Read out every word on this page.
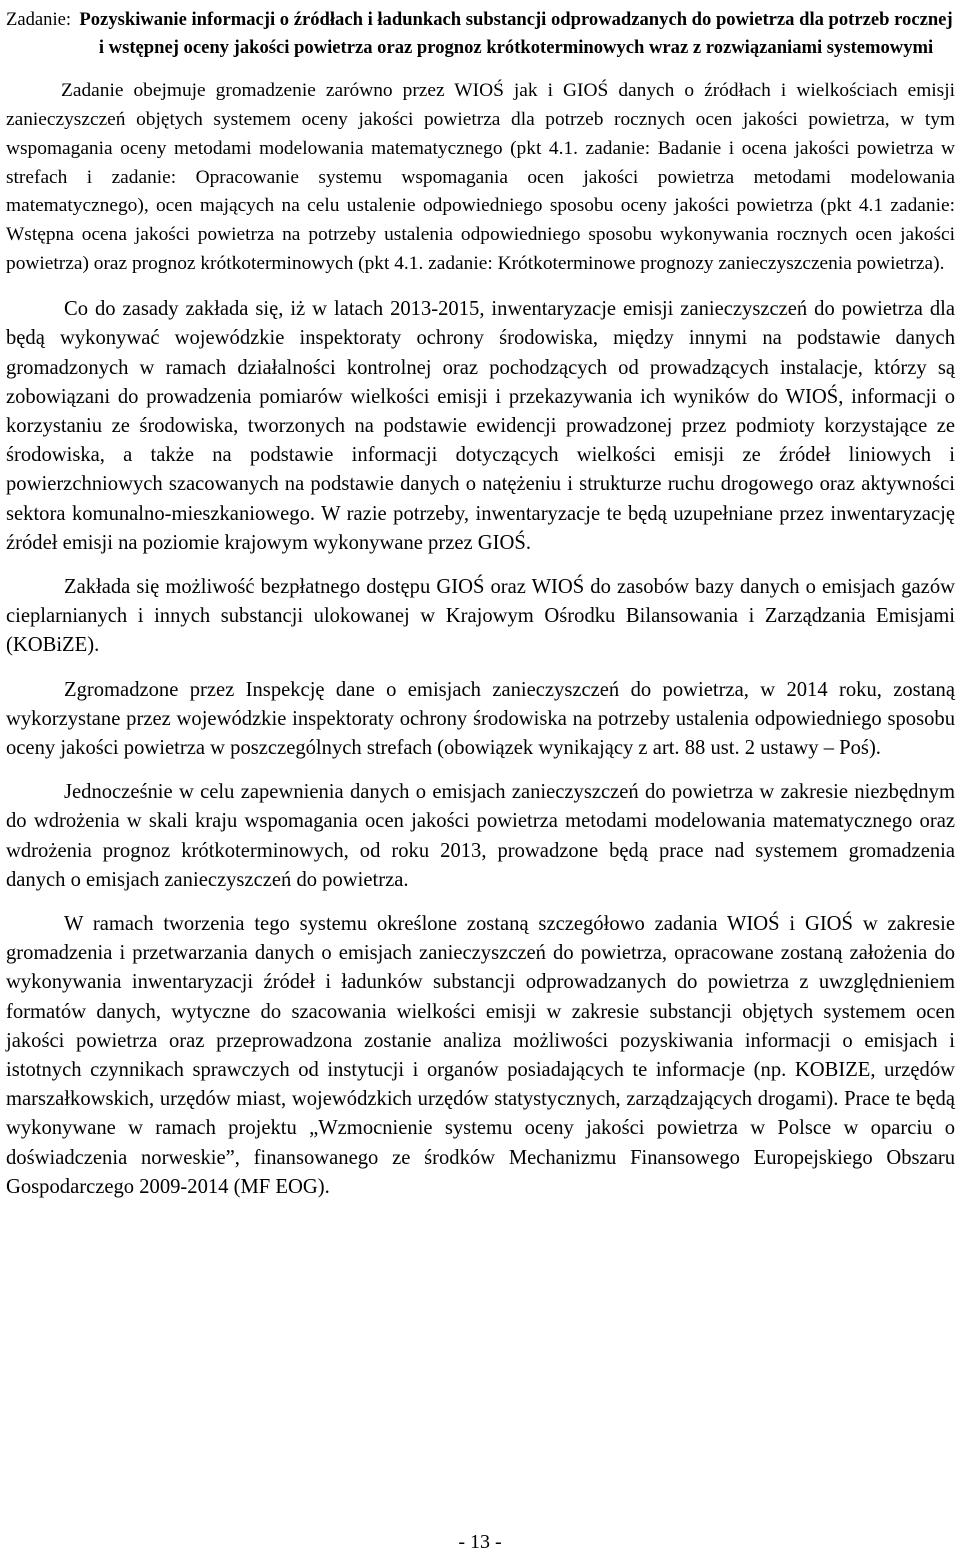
Zadanie: Pozyskiwanie informacji o źródłach i ładunkach substancji odprowadzanych do powietrza dla potrzeb rocznej i wstępnej oceny jakości powietrza oraz prognoz krótkoterminowych wraz z rozwiązaniami systemowymi

Zadanie obejmuje gromadzenie zarówno przez WIOŚ jak i GIOŚ danych o źródłach i wielkościach emisji zanieczyszczeń objętych systemem oceny jakości powietrza dla potrzeb rocznych ocen jakości powietrza, w tym wspomagania oceny metodami modelowania matematycznego (pkt 4.1. zadanie: Badanie i ocena jakości powietrza w strefach i zadanie: Opracowanie systemu wspomagania ocen jakości powietrza metodami modelowania matematycznego), ocen mających na celu ustalenie odpowiedniego sposobu oceny jakości powietrza (pkt 4.1 zadanie: Wstępna ocena jakości powietrza na potrzeby ustalenia odpowiedniego sposobu wykonywania rocznych ocen jakości powietrza) oraz prognoz krótkoterminowych (pkt 4.1. zadanie: Krótkoterminowe prognozy zanieczyszczenia powietrza).

Co do zasady zakłada się, iż w latach 2013-2015, inwentaryzacje emisji zanieczyszczeń do powietrza dla będą wykonywać wojewódzkie inspektoraty ochrony środowiska, między innymi na podstawie danych gromadzonych w ramach działalności kontrolnej oraz pochodzących od prowadzących instalacje, którzy są zobowiązani do prowadzenia pomiarów wielkości emisji i przekazywania ich wyników do WIOŚ, informacji o korzystaniu ze środowiska, tworzonych na podstawie ewidencji prowadzonej przez podmioty korzystające ze środowiska, a także na podstawie informacji dotyczących wielkości emisji ze źródeł liniowych i powierzchniowych szacowanych na podstawie danych o natężeniu i strukturze ruchu drogowego oraz aktywności sektora komunalno-mieszkaniowego. W razie potrzeby, inwentaryzacje te będą uzupełniane przez inwentaryzację źródeł emisji na poziomie krajowym wykonywane przez GIOŚ.

Zakłada się możliwość bezpłatnego dostępu GIOŚ oraz WIOŚ do zasobów bazy danych o emisjach gazów cieplarnianych i innych substancji ulokowanej w Krajowym Ośrodku Bilansowania i Zarządzania Emisjami (KOBiZE).

Zgromadzone przez Inspekcję dane o emisjach zanieczyszczeń do powietrza, w 2014 roku, zostaną wykorzystane przez wojewódzkie inspektoraty ochrony środowiska na potrzeby ustalenia odpowiedniego sposobu oceny jakości powietrza w poszczególnych strefach (obowiązek wynikający z art. 88 ust. 2 ustawy – Poś).

Jednocześnie w celu zapewnienia danych o emisjach zanieczyszczeń do powietrza w zakresie niezbędnym do wdrożenia w skali kraju wspomagania ocen jakości powietrza metodami modelowania matematycznego oraz wdrożenia prognoz krótkoterminowych, od roku 2013, prowadzone będą prace nad systemem gromadzenia danych o emisjach zanieczyszczeń do powietrza.

W ramach tworzenia tego systemu określone zostaną szczegółowo zadania WIOŚ i GIOŚ w zakresie gromadzenia i przetwarzania danych o emisjach zanieczyszczeń do powietrza, opracowane zostaną założenia do wykonywania inwentaryzacji źródeł i ładunków substancji odprowadzanych do powietrza z uwzględnieniem formatów danych, wytyczne do szacowania wielkości emisji w zakresie substancji objętych systemem ocen jakości powietrza oraz przeprowadzona zostanie analiza możliwości pozyskiwania informacji o emisjach i istotnych czynnikach sprawczych od instytucji i organów posiadających te informacje (np. KOBIZE, urzędów marszałkowskich, urzędów miast, wojewódzkich urzędów statystycznych, zarządzających drogami). Prace te będą wykonywane w ramach projektu „Wzmocnienie systemu oceny jakości powietrza w Polsce w oparciu o doświadczenia norweskie”, finansowanego ze środków Mechanizmu Finansowego Europejskiego Obszaru Gospodarczego 2009-2014 (MF EOG).

- 13 -
